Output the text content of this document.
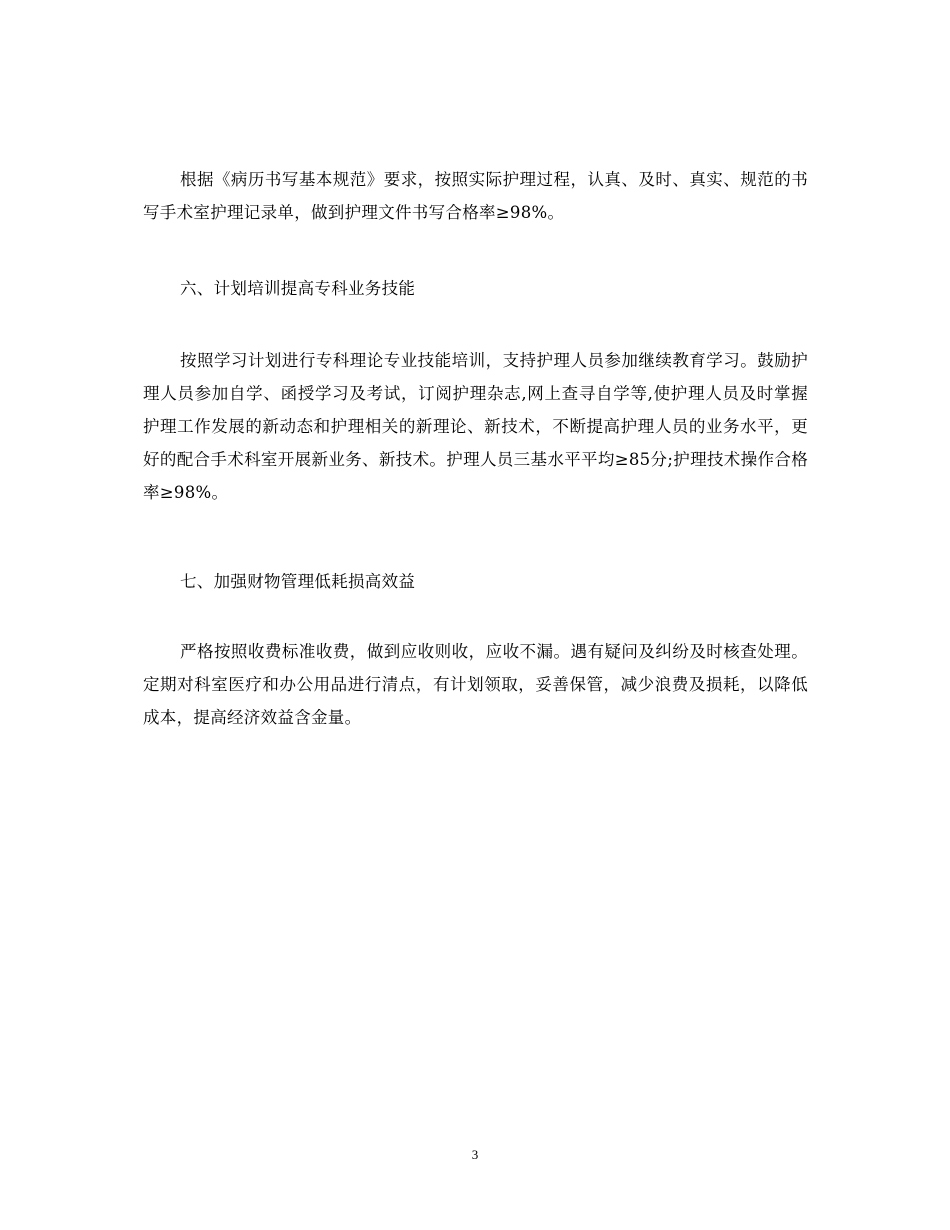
根据《病历书写基本规范》要求，按照实际护理过程，认真、及时、真实、规范的书写手术室护理记录单，做到护理文件书写合格率≥98%。

六、计划培训提高专科业务技能

按照学习计划进行专科理论专业技能培训，支持护理人员参加继续教育学习。鼓励护理人员参加自学、函授学习及考试，订阅护理杂志,网上查寻自学等,使护理人员及时掌握护理工作发展的新动态和护理相关的新理论、新技术，不断提高护理人员的业务水平，更好的配合手术科室开展新业务、新技术。护理人员三基水平平均≥85分;护理技术操作合格率≥98%。

七、加强财物管理低耗损高效益

严格按照收费标准收费，做到应收则收，应收不漏。遇有疑问及纠纷及时核查处理。定期对科室医疗和办公用品进行清点，有计划领取，妥善保管，减少浪费及损耗，以降低成本，提高经济效益含金量。

3
